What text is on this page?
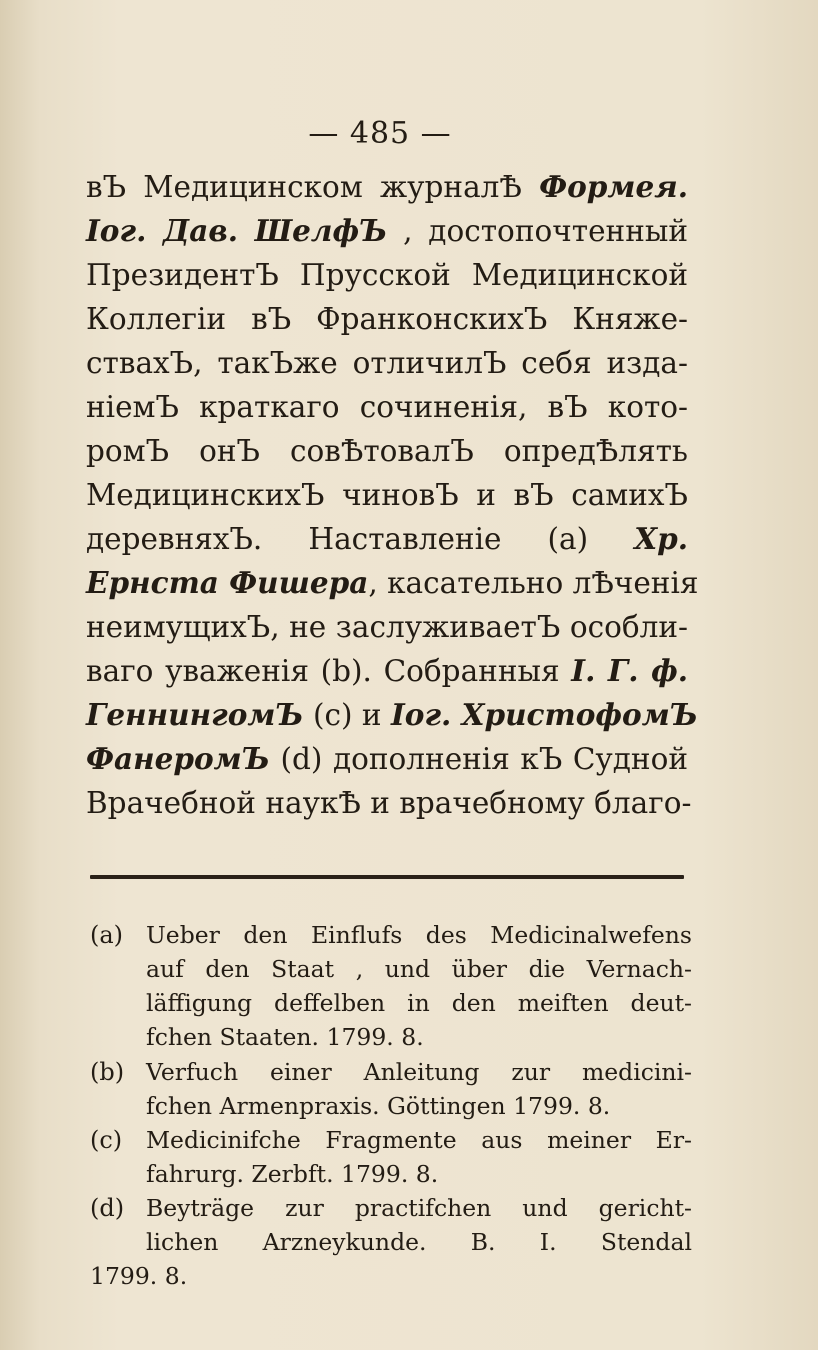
— 485 —
вЪ Медицинском журналѢ Формея.
Iог. Дав. ШелфЪ , достопочтенный
ПрезидентЪ Прусской Медицинской
Коллегіи вЪ ФранконскихЪ Княже-
ствахЪ, такЪже отличилЪ себя изда-
ніемЪ краткаго сочиненія, вЪ кото-
ромЪ онЪ совѢтовалЪ опредѢлять
МедицинскихЪ чиновЪ и вЪ самихЪ
деревняхЪ. Наставленіе (a) Хр.
Ернста Фишера, касательно лѢченія
неимущихЪ, не заслуживаетЪ особли-
ваго уваженія (b). Собранныя I. Г. ф.
ГеннингомЪ (c) и Iог. ХристофомЪ
ФанеромЪ (d) дополненія кЪ Судной
Врачебной наукѢ и врачебному благо-
(a) Ueber den Einflufs des Medicinalwefens
auf den Staat , und über die Vernach-
läffigung deffelben in den meiften deut-
fchen Staaten. 1799. 8.
(b) Verfuch einer Anleitung zur medicini-
fchen Armenpraxis. Göttingen 1799. 8.
(c) Medicinifche Fragmente aus meiner Er-
fahrurg. Zerbft. 1799. 8.
(d) Beyträge zur practifchen und gericht-
lichen Arzneykunde. B. I. Stendal
1799. 8.
